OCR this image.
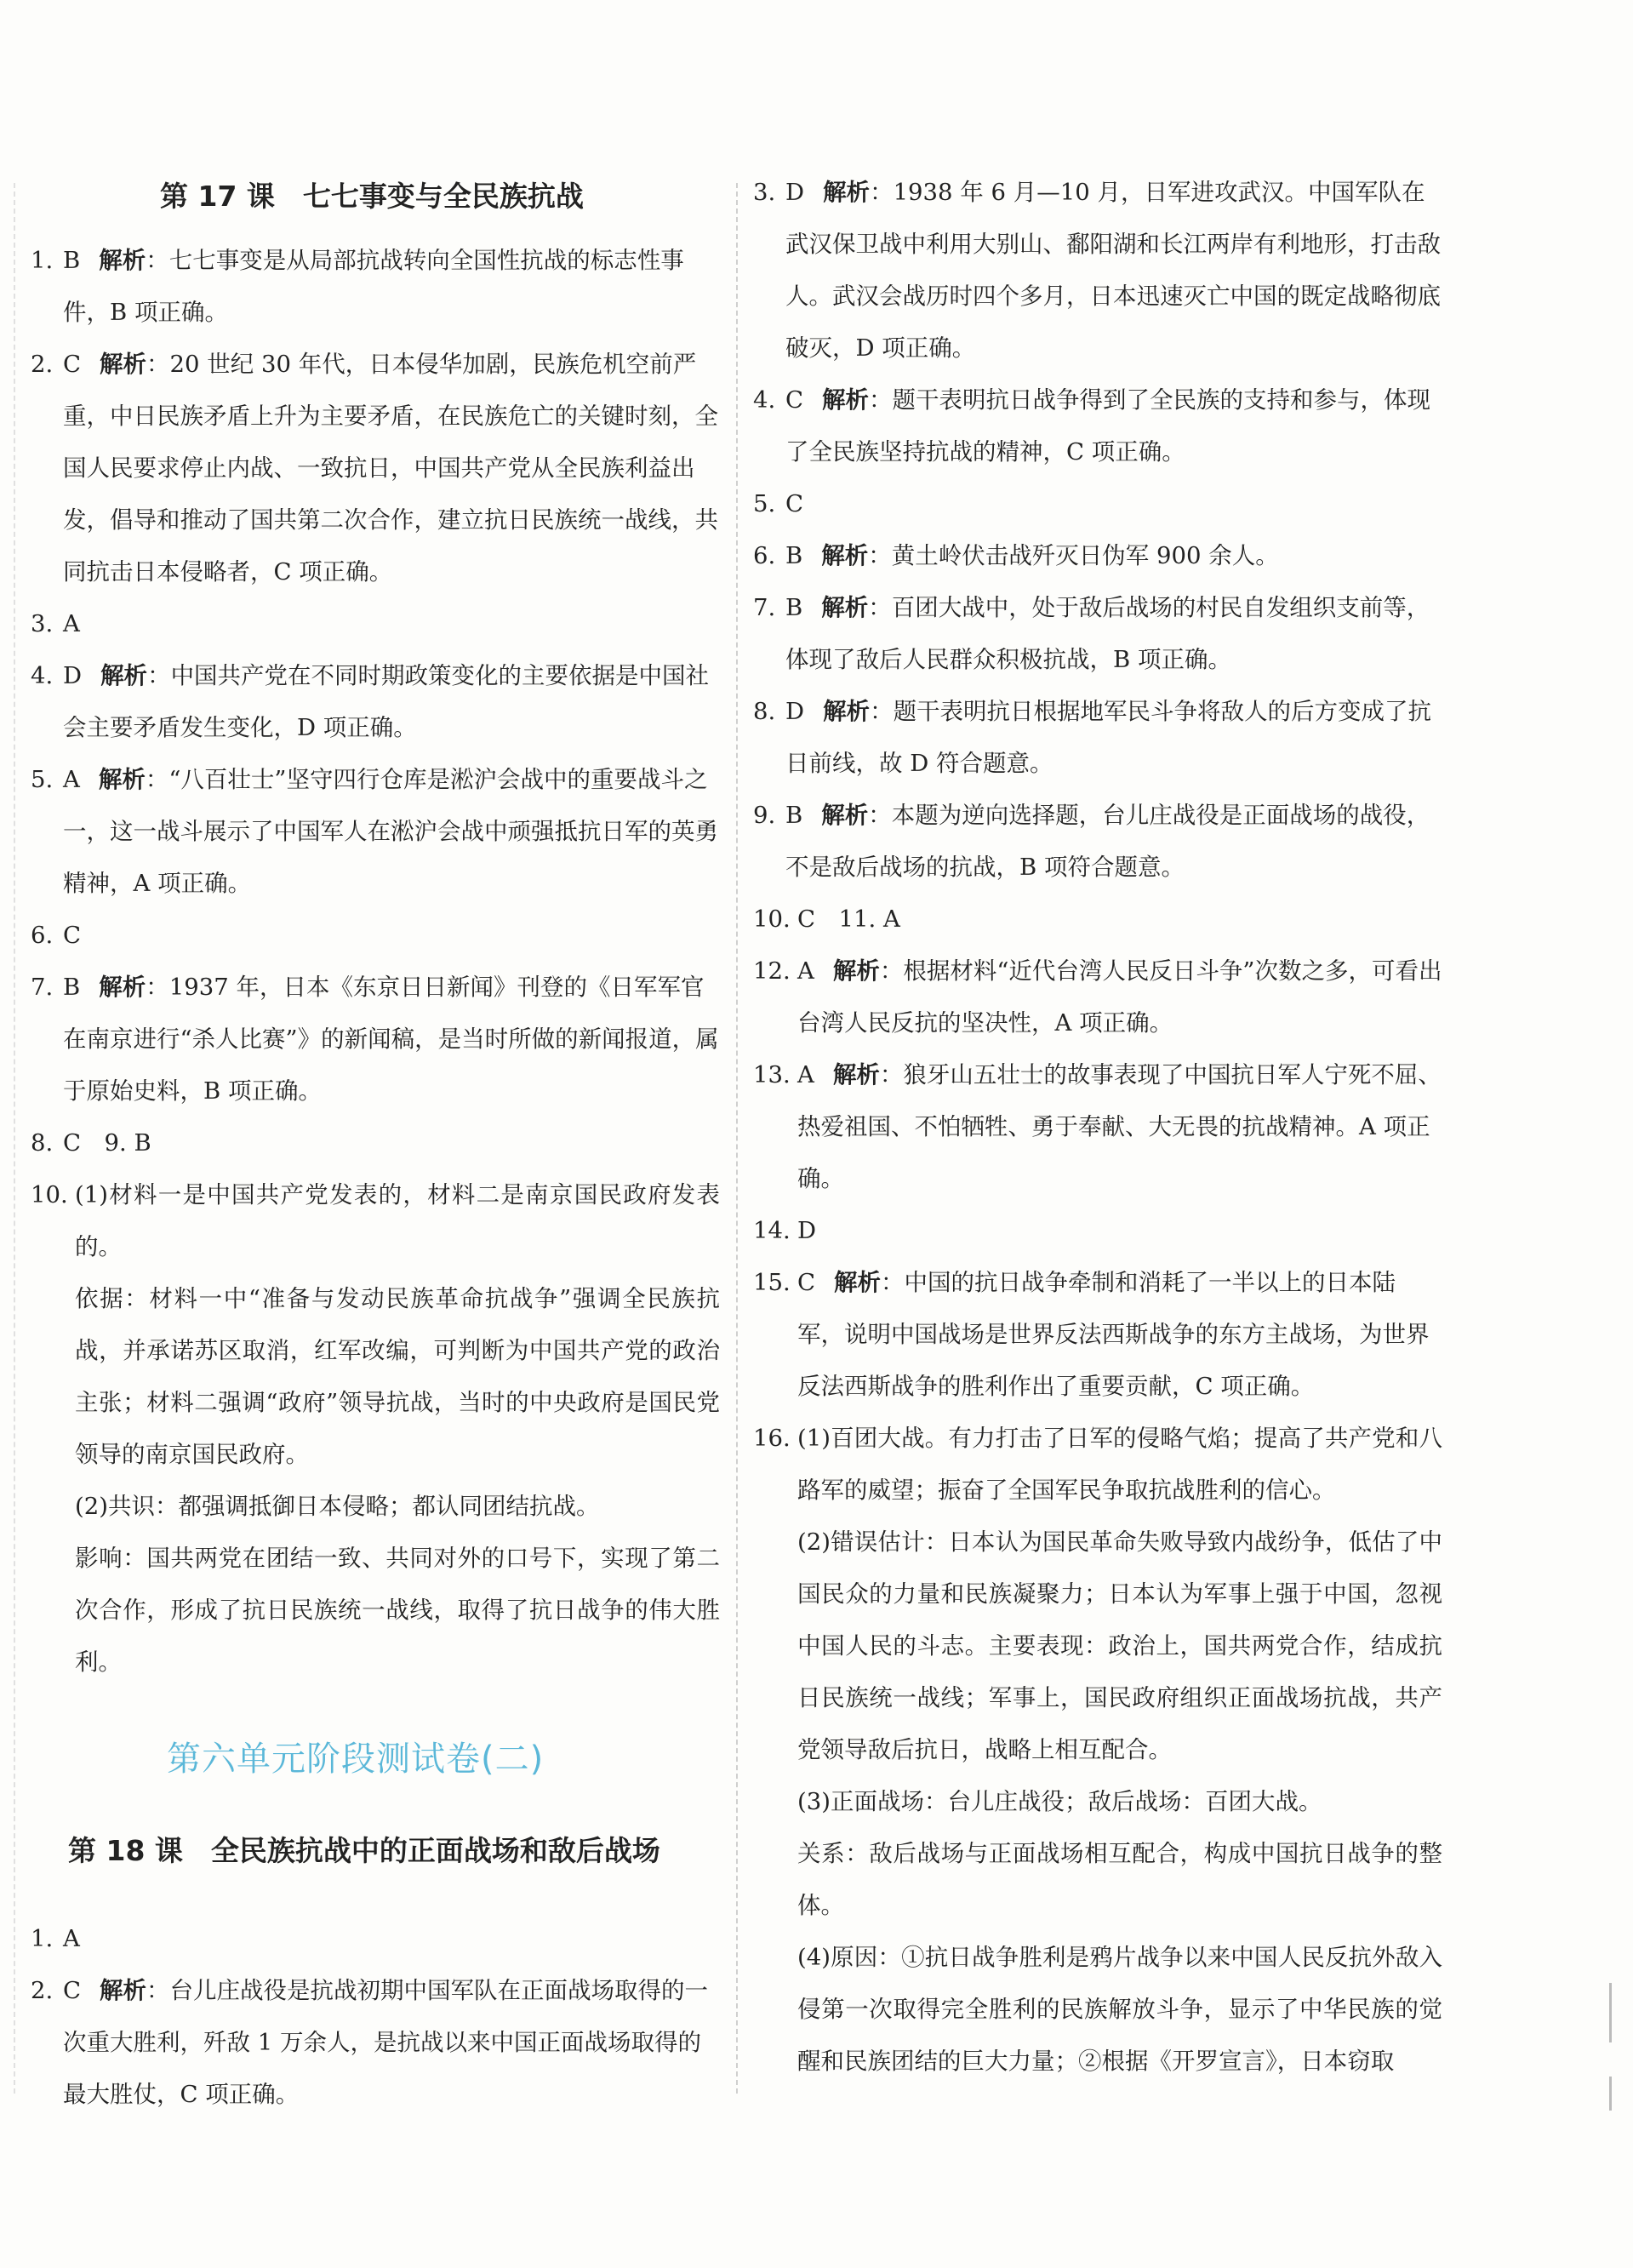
第 17 课　七七事变与全民族抗战
1. B 解析：七七事变是从局部抗战转向全国性抗战的标志性事件，B 项正确。
2. C 解析：20 世纪 30 年代，日本侵华加剧，民族危机空前严重，中日民族矛盾上升为主要矛盾，在民族危亡的关键时刻，全国人民要求停止内战、一致抗日，中国共产党从全民族利益出发，倡导和推动了国共第二次合作，建立抗日民族统一战线，共同抗击日本侵略者，C 项正确。
3. A
4. D 解析：中国共产党在不同时期政策变化的主要依据是中国社会主要矛盾发生变化，D 项正确。
5. A 解析：“八百壮士”坚守四行仓库是淞沪会战中的重要战斗之一，这一战斗展示了中国军人在淞沪会战中顽强抵抗日军的英勇精神，A 项正确。
6. C
7. B 解析：1937 年，日本《东京日日新闻》刊登的《日军军官在南京进行“杀人比赛”》的新闻稿，是当时所做的新闻报道，属于原始史料，B 项正确。
8. C　9. B
10. (1)材料一是中国共产党发表的，材料二是南京国民政府发表的。
依据：材料一中“准备与发动民族革命抗战争”强调全民族抗战，并承诺苏区取消，红军改编，可判断为中国共产党的政治主张；材料二强调“政府”领导抗战，当时的中央政府是国民党领导的南京国民政府。
(2)共识：都强调抵御日本侵略；都认同团结抗战。
影响：国共两党在团结一致、共同对外的口号下，实现了第二次合作，形成了抗日民族统一战线，取得了抗日战争的伟大胜利。
第六单元阶段测试卷(二)
第 18 课　全民族抗战中的正面战场和敌后战场
1. A
2. C 解析：台儿庄战役是抗战初期中国军队在正面战场取得的一次重大胜利，歼敌 1 万余人，是抗战以来中国正面战场取得的最大胜仗，C 项正确。
3. D 解析：1938 年 6 月—10 月，日军进攻武汉。中国军队在武汉保卫战中利用大别山、鄱阳湖和长江两岸有利地形，打击敌人。武汉会战历时四个多月，日本迅速灭亡中国的既定战略彻底破灭，D 项正确。
4. C 解析：题干表明抗日战争得到了全民族的支持和参与，体现了全民族坚持抗战的精神，C 项正确。
5. C
6. B 解析：黄土岭伏击战歼灭日伪军 900 余人。
7. B 解析：百团大战中，处于敌后战场的村民自发组织支前等，体现了敌后人民群众积极抗战，B 项正确。
8. D 解析：题干表明抗日根据地军民斗争将敌人的后方变成了抗日前线，故 D 符合题意。
9. B 解析：本题为逆向选择题，台儿庄战役是正面战场的战役，不是敌后战场的抗战，B 项符合题意。
10. C　11. A
12. A 解析：根据材料“近代台湾人民反日斗争”次数之多，可看出台湾人民反抗的坚决性，A 项正确。
13. A 解析：狼牙山五壮士的故事表现了中国抗日军人宁死不屈、热爱祖国、不怕牺牲、勇于奉献、大无畏的抗战精神。A 项正确。
14. D
15. C 解析：中国的抗日战争牵制和消耗了一半以上的日本陆军，说明中国战场是世界反法西斯战争的东方主战场，为世界反法西斯战争的胜利作出了重要贡献，C 项正确。
16. (1)百团大战。有力打击了日军的侵略气焰；提高了共产党和八路军的威望；振奋了全国军民争取抗战胜利的信心。
(2)错误估计：日本认为国民革命失败导致内战纷争，低估了中国民众的力量和民族凝聚力；日本认为军事上强于中国，忽视中国人民的斗志。主要表现：政治上，国共两党合作，结成抗日民族统一战线；军事上，国民政府组织正面战场抗战，共产党领导敌后抗日，战略上相互配合。
(3)正面战场：台儿庄战役；敌后战场：百团大战。
关系：敌后战场与正面战场相互配合，构成中国抗日战争的整体。
(4)原因：①抗日战争胜利是鸦片战争以来中国人民反抗外敌入侵第一次取得完全胜利的民族解放斗争，显示了中华民族的觉醒和民族团结的巨大力量；②根据《开罗宣言》，日本窃取
